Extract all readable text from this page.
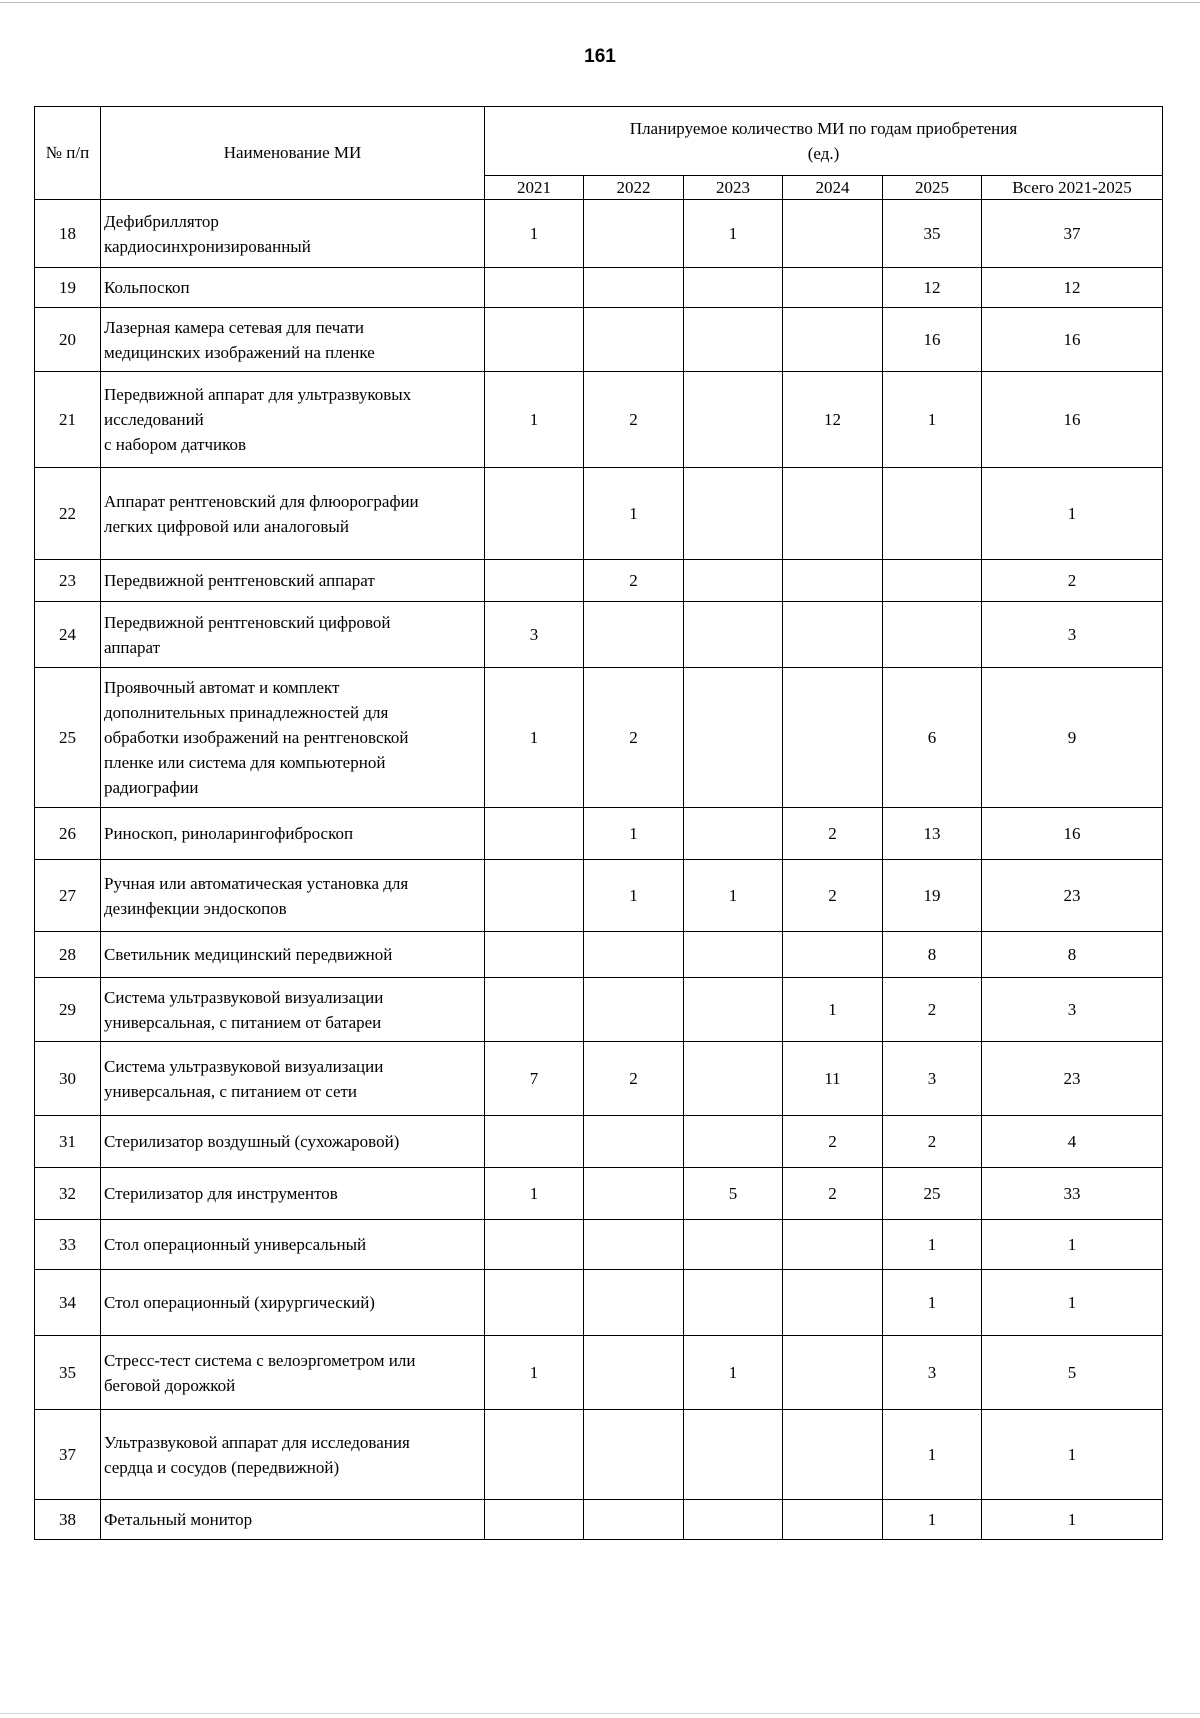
161
№ п/п	Наименование МИ	Планируемое количество МИ по годам приобретения
(ед.)					
		2021	2022	2023	2024	2025	Всего 2021-2025
18	Дефибриллятор
кардиосинхронизированный	1		1		35	37
19	Кольпоскоп					12	12
20	Лазерная камера сетевая для печати
медицинских изображений на пленке					16	16
21	Передвижной аппарат для ультразвуковых
исследований
с набором датчиков	1	2		12	1	16
22	Аппарат рентгеновский для флюорографии
легких цифровой или аналоговый		1				1
23	Передвижной рентгеновский аппарат		2				2
24	Передвижной рентгеновский цифровой
аппарат	3					3
25	Проявочный автомат и комплект
дополнительных принадлежностей для
обработки изображений на рентгеновской
пленке или система для компьютерной
радиографии	1	2			6	9
26	Риноскоп, риноларингофиброскоп		1		2	13	16
27	Ручная или автоматическая установка для
дезинфекции эндоскопов		1	1	2	19	23
28	Светильник медицинский передвижной					8	8
29	Система ультразвуковой визуализации
универсальная, с питанием от батареи				1	2	3
30	Система ультразвуковой визуализации
универсальная, с питанием от сети	7	2		11	3	23
31	Стерилизатор воздушный (сухожаровой)				2	2	4
32	Стерилизатор для инструментов	1		5	2	25	33
33	Стол операционный универсальный					1	1
34	Стол операционный (хирургический)					1	1
35	Стресс-тест система с велоэргометром или
беговой дорожкой	1		1		3	5
37	Ультразвуковой аппарат для исследования
сердца и сосудов (передвижной)					1	1
38	Фетальный монитор					1	1
